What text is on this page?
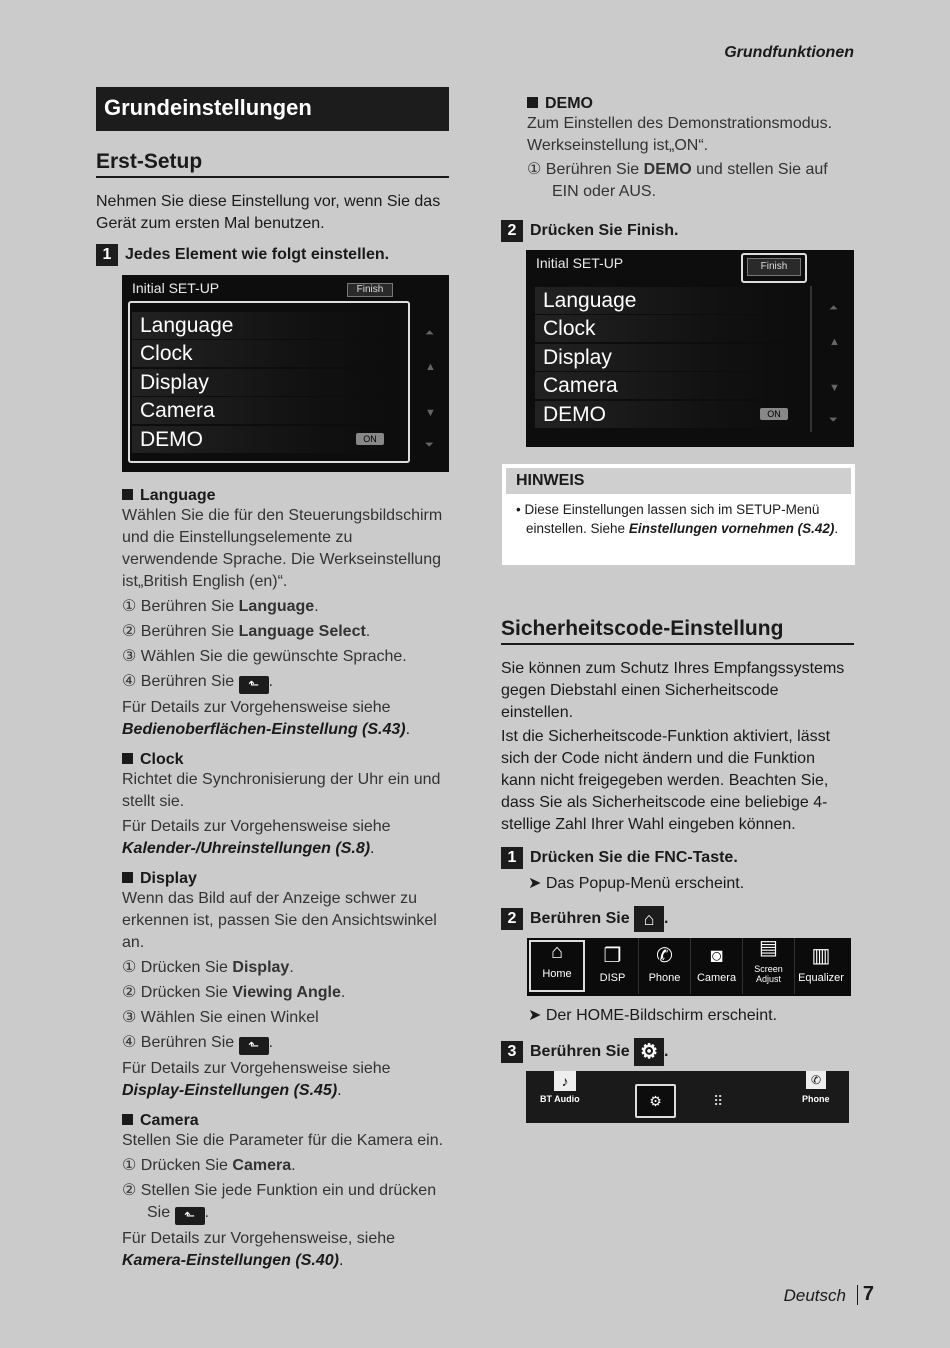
Grundfunktionen
Grundeinstellungen
Erst-Setup

Nehmen Sie diese Einstellung vor, wenn Sie das Gerät zum ersten Mal benutzen.

1 Jedes Element wie folgt einstellen.
Initial SET-UP	Finish
Language
Clock
Display
Camera
DEMO	ON
⏶
▲
▼
⏷
Language

Wählen Sie die für den Steuerungsbildschirm und die Einstellungselemente zu verwendende Sprache. Die Werkseinstellung ist„British English (en)“.

① Berühren Sie Language.

② Berühren Sie Language Select.

③ Wählen Sie die gewünschte Sprache.

④ Berühren Sie ⬑ .

Für Details zur Vorgehensweise siehe

Bedienoberflächen-Einstellung (S.43).

Clock

Richtet die Synchronisierung der Uhr ein und stellt sie.

Für Details zur Vorgehensweise siehe

Kalender-/Uhreinstellungen (S.8).

Display

Wenn das Bild auf der Anzeige schwer zu erkennen ist, passen Sie den Ansichtswinkel an.

① Drücken Sie Display.

② Drücken Sie Viewing Angle.

③ Wählen Sie einen Winkel

④ Berühren Sie ⬑ .

Für Details zur Vorgehensweise siehe

Display-Einstellungen (S.45).

Camera

Stellen Sie die Parameter für die Kamera ein.

① Drücken Sie Camera.

② Stellen Sie jede Funktion ein und drücken

Sie ⬑ .

Für Details zur Vorgehensweise, siehe

Kamera-Einstellungen (S.40).

DEMO

Zum Einstellen des Demonstrationsmodus.

Werkseinstellung ist„ON“.

① Berühren Sie DEMO und stellen Sie auf

EIN oder AUS.

2 Drücken Sie
Finish .
Initial SET-UP	Finish
Language
Clock
Display
Camera
DEMO	ON
⏶
▲
▼
⏷
HINWEIS

• Diese Einstellungen lassen sich im SETUP-Menü einstellen. Siehe Einstellungen vornehmen (S.42).

Sicherheitscode-Einstellung

Sie können zum Schutz Ihres Empfangssystems gegen Diebstahl einen Sicherheitscode einstellen.

Ist die Sicherheitscode-Funktion aktiviert, lässt sich der Code nicht ändern und die Funktion kann nicht freigegeben werden. Beachten Sie, dass Sie als Sicherheitscode eine beliebige 4-stellige Zahl Ihrer Wahl eingeben können.

1 Drücken Sie die
FNC -Taste.

➤ Das Popup-Menü erscheint.

2 Berühren Sie
⌂ .
⌂
Home
❐
DISP
✆
Phone
◙
Camera
▤
Screen Adjust
▥
Equalizer

➤ Der HOME-Bildschirm erscheint.

3 Berühren Sie
⚙ .
♪
BT Audio	⚙	⠿
✆
Phone
Deutsch 7
